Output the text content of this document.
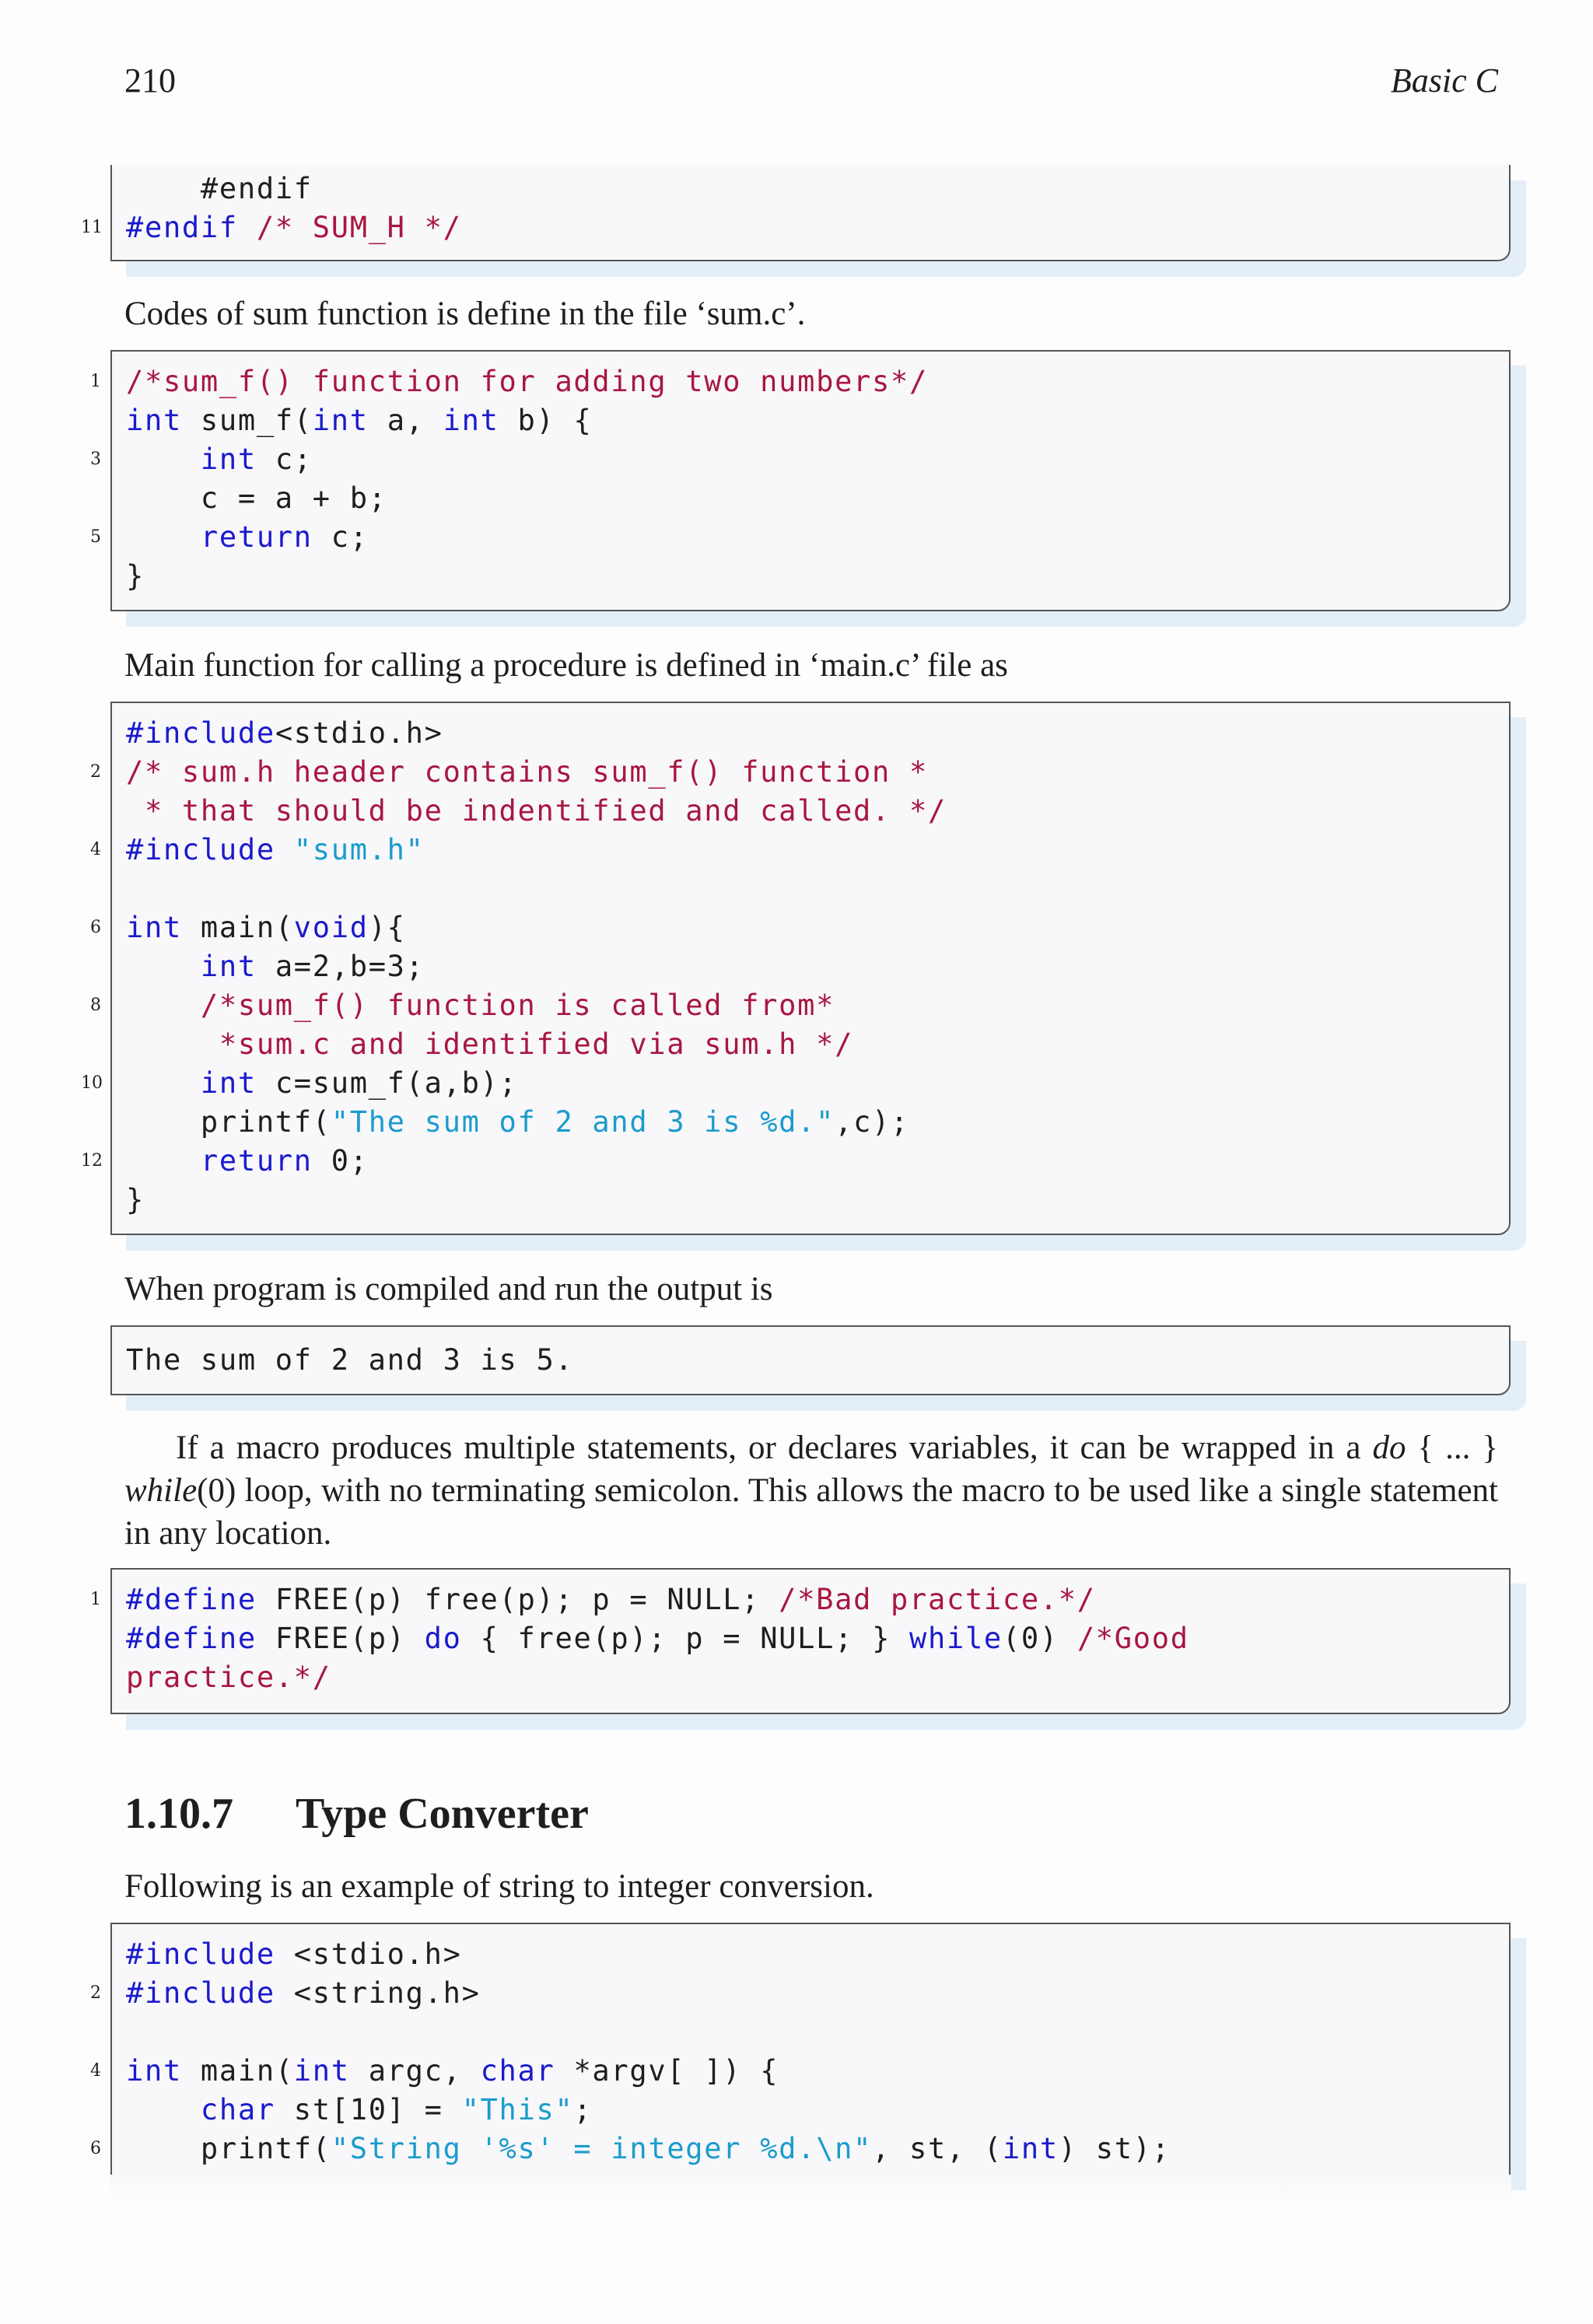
210	Basic C
#endif
11 #endif /* SUM_H */

Codes of sum function is define in the file ‘sum.c’.

1 /*sum_f() function for adding two numbers*/
int sum_f(int a, int b) {
3	int c;
c = a + b;
5	return c;
}

Main function for calling a procedure is defined in ‘main.c’ file as

#include<stdio.h>
2 /* sum.h header contains sum_f() function *
* that should be indentified and called. */
4 #include "sum.h"
6 int main(void){
int a=2,b=3;
8	/*sum_f() function is called from*
*sum.c and identified via sum.h */
10	int c=sum_f(a,b);
printf("The sum of 2 and 3 is %d.",c);
12	return 0;
}

When program is compiled and run the output is

The sum of 2 and 3 is 5.

If a macro produces multiple statements, or declares variables, it can be wrapped in a do { ... } while(0) loop, with no terminating semicolon. This allows the macro to be used like a single statement in any location.

1 #define FREE(p) free(p); p = NULL; /*Bad practice.*/
#define FREE(p) do { free(p); p = NULL; } while(0) /*Good
practice.*/
1.10.7 Type Converter

Following is an example of string to integer conversion.

#include <stdio.h>
2 #include <string.h>
4 int main(int argc, char *argv[ ]) {
char st[10] = "This";
6 printf("String '%s' = integer %d.\n", st, (int) st);
